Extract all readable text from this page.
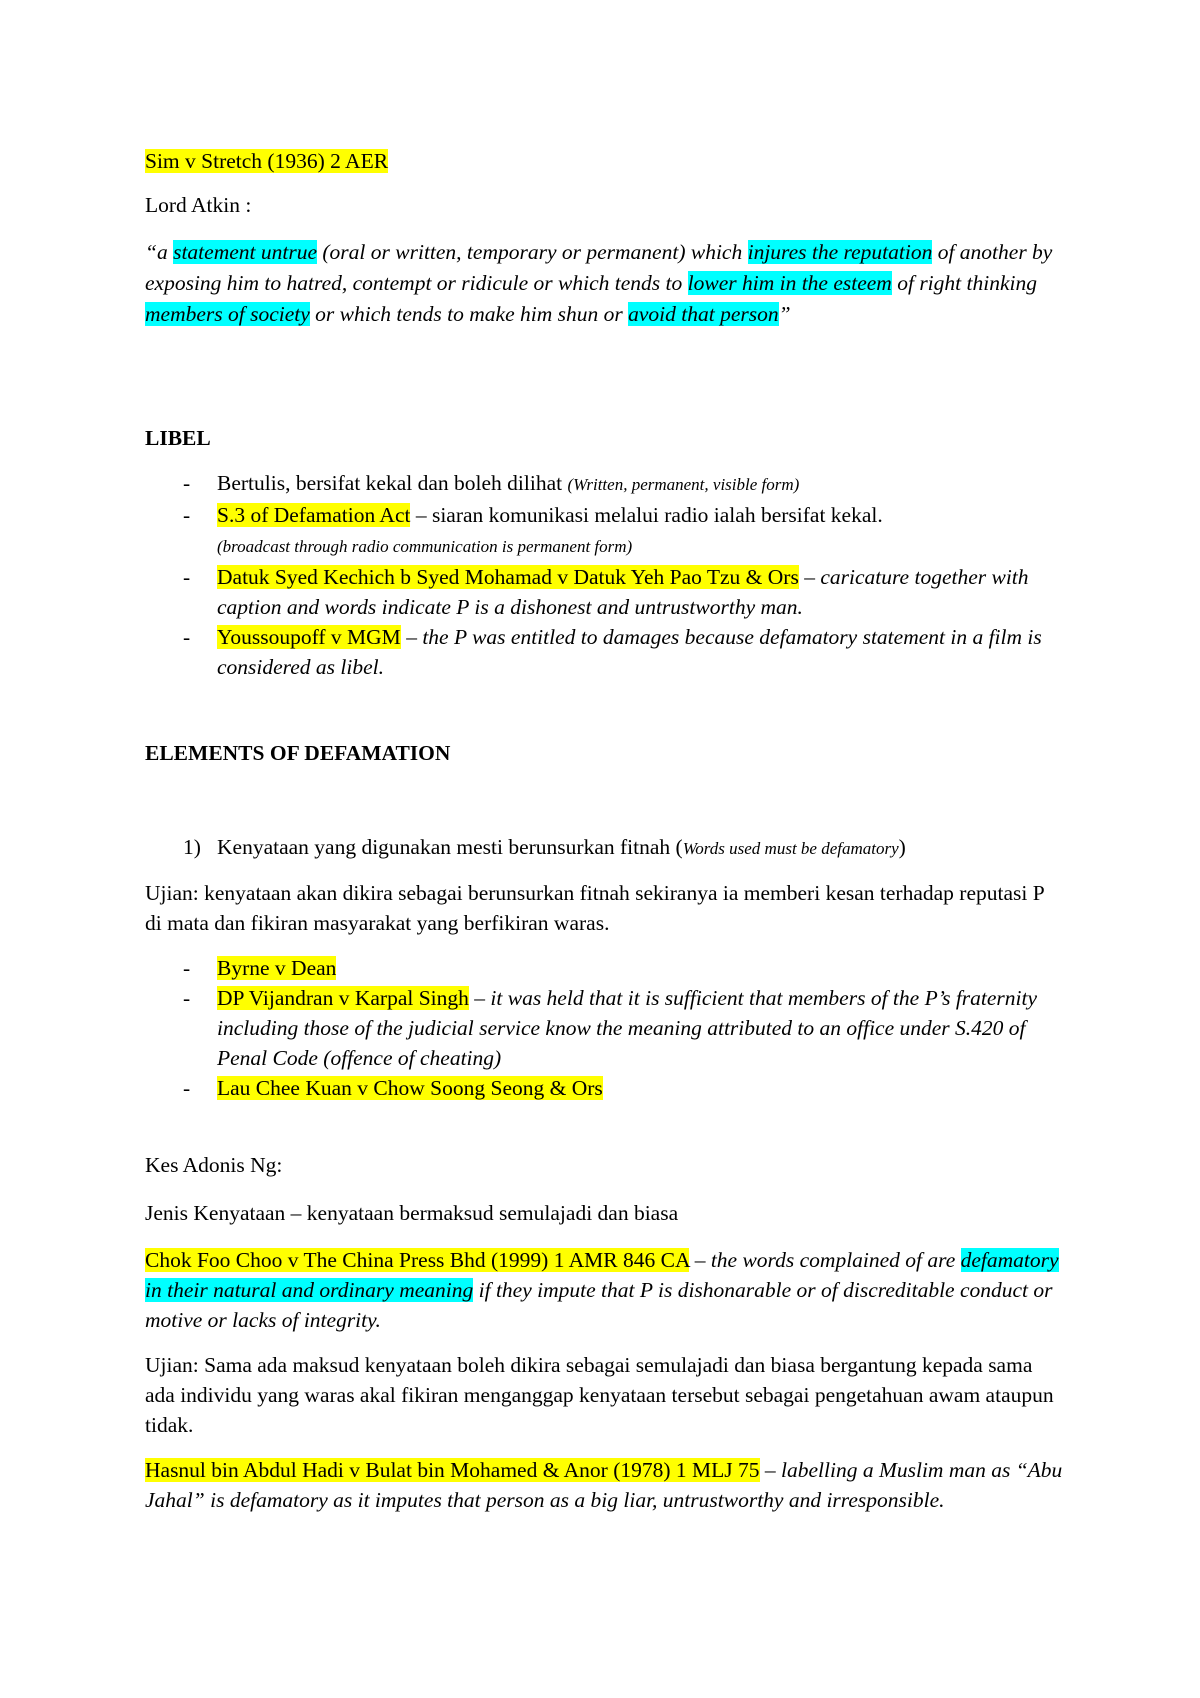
Sim v Stretch (1936) 2 AER
Lord Atkin :
“a statement untrue (oral or written, temporary or permanent) which injures the reputation of another by exposing him to hatred, contempt or ridicule or which tends to lower him in the esteem of right thinking members of society or which tends to make him shun or avoid that person”
LIBEL
- Bertulis, bersifat kekal dan boleh dilihat (Written, permanent, visible form)
- S.3 of Defamation Act – siaran komunikasi melalui radio ialah bersifat kekal.
(broadcast through radio communication is permanent form)
- Datuk Syed Kechich b Syed Mohamad v Datuk Yeh Pao Tzu & Ors – caricature together with caption and words indicate P is a dishonest and untrustworthy man.
- Youssoupoff v MGM – the P was entitled to damages because defamatory statement in a film is considered as libel.
ELEMENTS OF DEFAMATION
1) Kenyataan yang digunakan mesti berunsurkan fitnah (Words used must be defamatory)
Ujian: kenyataan akan dikira sebagai berunsurkan fitnah sekiranya ia memberi kesan terhadap reputasi P di mata dan fikiran masyarakat yang berfikiran waras.
- Byrne v Dean
- DP Vijandran v Karpal Singh – it was held that it is sufficient that members of the P’s fraternity including those of the judicial service know the meaning attributed to an office under S.420 of Penal Code (offence of cheating)
- Lau Chee Kuan v Chow Soong Seong & Ors
Kes Adonis Ng:
Jenis Kenyataan – kenyataan bermaksud semulajadi dan biasa
Chok Foo Choo v The China Press Bhd (1999) 1 AMR 846 CA – the words complained of are defamatory in their natural and ordinary meaning if they impute that P is dishonarable or of discreditable conduct or motive or lacks of integrity.
Ujian: Sama ada maksud kenyataan boleh dikira sebagai semulajadi dan biasa bergantung kepada sama ada individu yang waras akal fikiran menganggap kenyataan tersebut sebagai pengetahuan awam ataupun tidak.
Hasnul bin Abdul Hadi v Bulat bin Mohamed & Anor (1978) 1 MLJ 75 – labelling a Muslim man as “Abu Jahal” is defamatory as it imputes that person as a big liar, untrustworthy and irresponsible.
